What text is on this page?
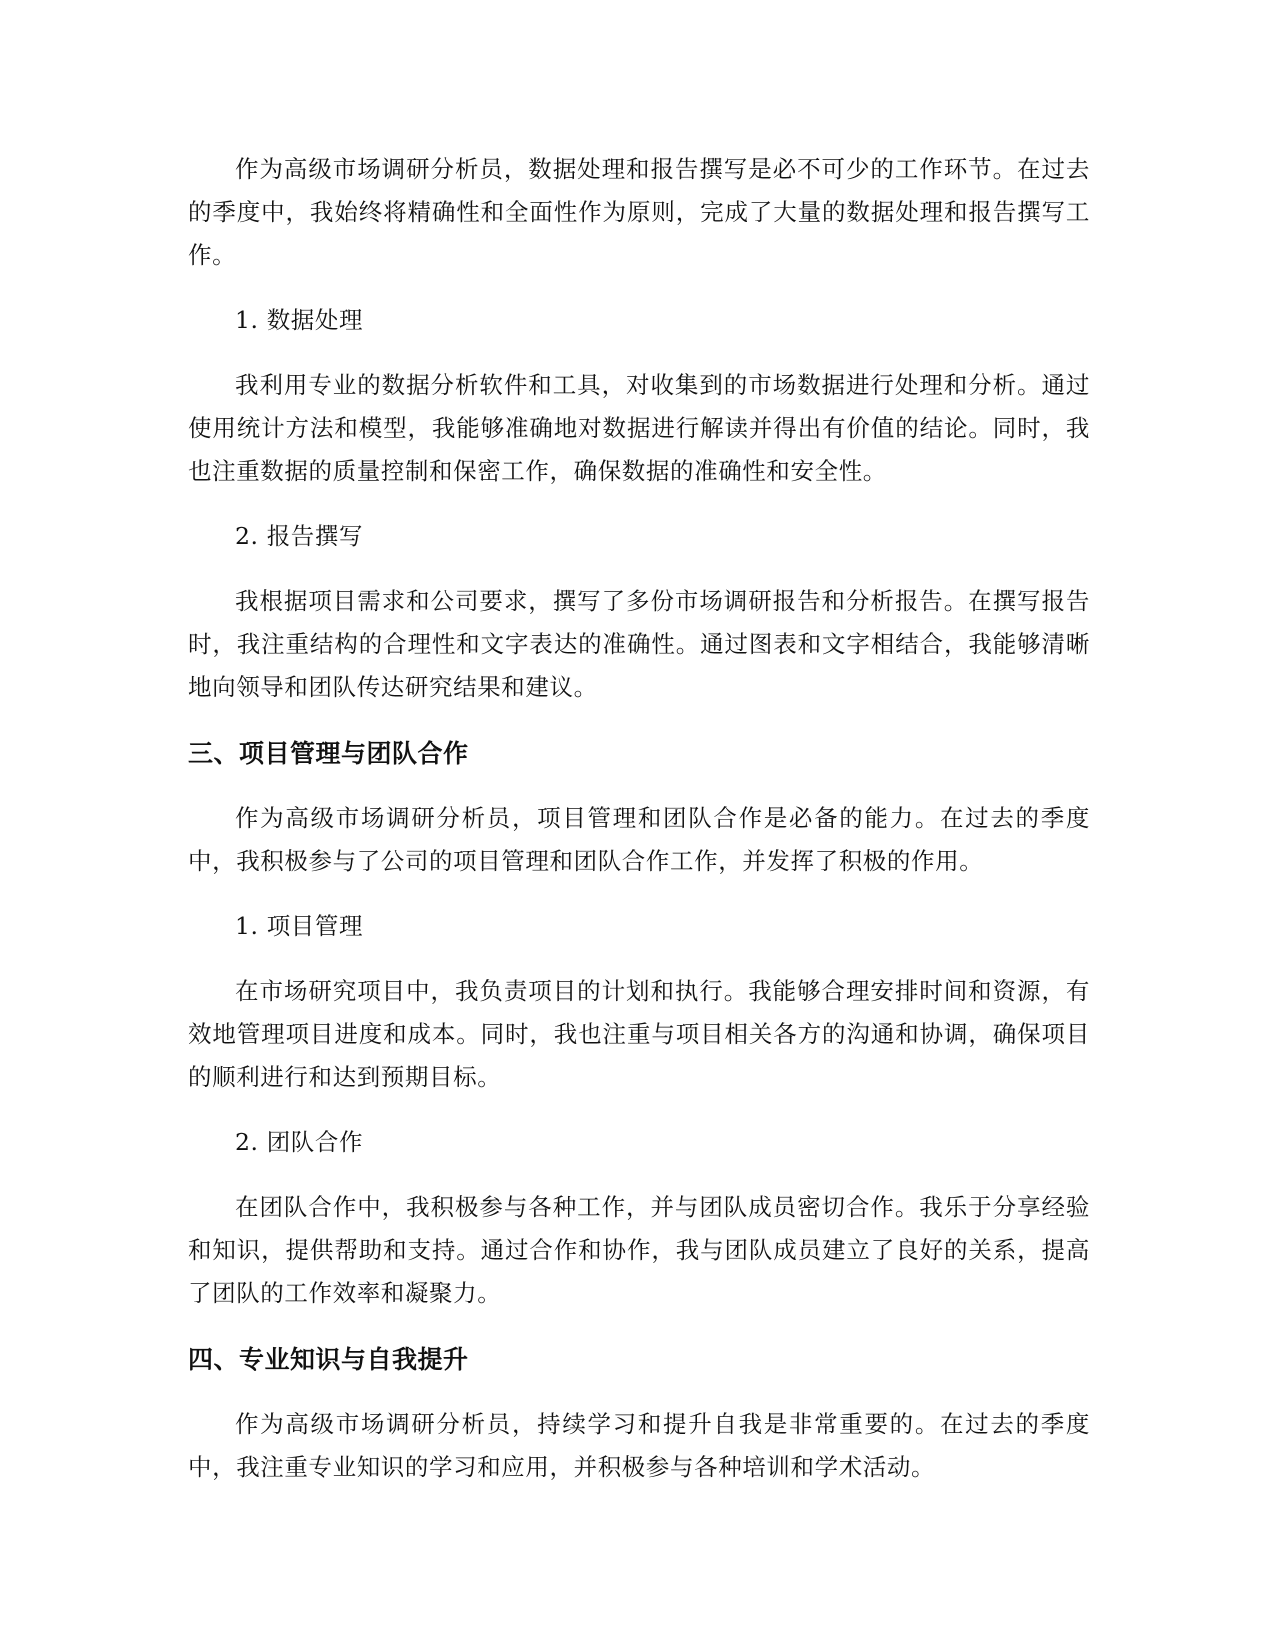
作为高级市场调研分析员，数据处理和报告撰写是必不可少的工作环节。在过去的季度中，我始终将精确性和全面性作为原则，完成了大量的数据处理和报告撰写工作。

1. 数据处理

我利用专业的数据分析软件和工具，对收集到的市场数据进行处理和分析。通过使用统计方法和模型，我能够准确地对数据进行解读并得出有价值的结论。同时，我也注重数据的质量控制和保密工作，确保数据的准确性和安全性。

2. 报告撰写

我根据项目需求和公司要求，撰写了多份市场调研报告和分析报告。在撰写报告时，我注重结构的合理性和文字表达的准确性。通过图表和文字相结合，我能够清晰地向领导和团队传达研究结果和建议。

三、项目管理与团队合作

作为高级市场调研分析员，项目管理和团队合作是必备的能力。在过去的季度中，我积极参与了公司的项目管理和团队合作工作，并发挥了积极的作用。

1. 项目管理

在市场研究项目中，我负责项目的计划和执行。我能够合理安排时间和资源，有效地管理项目进度和成本。同时，我也注重与项目相关各方的沟通和协调，确保项目的顺利进行和达到预期目标。

2. 团队合作

在团队合作中，我积极参与各种工作，并与团队成员密切合作。我乐于分享经验和知识，提供帮助和支持。通过合作和协作，我与团队成员建立了良好的关系，提高了团队的工作效率和凝聚力。

四、专业知识与自我提升

作为高级市场调研分析员，持续学习和提升自我是非常重要的。在过去的季度中，我注重专业知识的学习和应用，并积极参与各种培训和学术活动。
